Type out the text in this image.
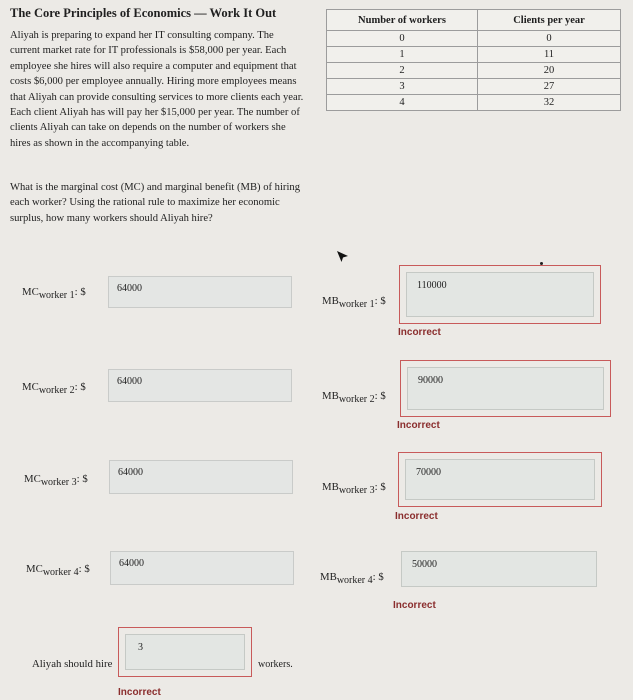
The Core Principles of Economics — Work It Out
Aliyah is preparing to expand her IT consulting company. The current market rate for IT professionals is $58,000 per year. Each employee she hires will also require a computer and equipment that costs $6,000 per employee annually. Hiring more employees means that Aliyah can provide consulting services to more clients each year. Each client Aliyah has will pay her $15,000 per year. The number of clients Aliyah can take on depends on the number of workers she hires as shown in the accompanying table.
What is the marginal cost (MC) and marginal benefit (MB) of hiring each worker? Using the rational rule to maximize her economic surplus, how many workers should Aliyah hire?
Number of workers	Clients per year
0	0
1	11
2	20
3	27
4	32
$MC_{worker 1}$: $	64000
$MC_{worker 2}$: $	64000
$MC_{worker 3}$: $
64000
$MC_{worker 4}$: $	64000
$MB_{worker 1}$: $
110000
Incorrect
$MB_{worker 2}$: $
90000
Incorrect
$MB_{worker 3}$: $
70000
Incorrect
$MB_{worker 4}$: $
50000
Incorrect
Aliyah should hire
3
workers.
Incorrect
